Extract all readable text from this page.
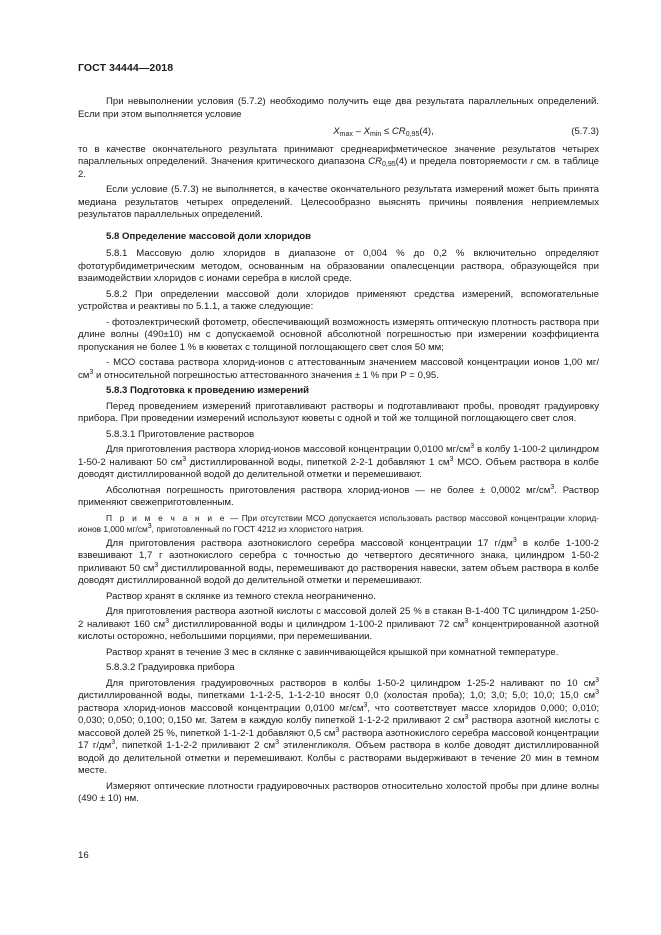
ГОСТ 34444—2018

При невыполнении условия (5.7.2) необходимо получить еще два результата параллельных определений. Если при этом выполняется условие

$X_{max} - X_{min} \le CR_{0,95}(4)$,	(5.7.3)

то в качестве окончательного результата принимают среднеарифметическое значение результатов четырех параллельных определений. Значения критического диапазона $CR_{0,95}(4)$ и предела повторяемости r см. в таблице 2.

Если условие (5.7.3) не выполняется, в качестве окончательного результата измерений может быть принята медиана результатов четырех определений. Целесообразно выяснять причины появления неприемлемых результатов параллельных определений.

5.8 Определение массовой доли хлоридов

5.8.1 Массовую долю хлоридов в диапазоне от 0,004 % до 0,2 % включительно определяют фототурбидиметрическим методом, основанным на образовании опалесценции раствора, образующейся при взаимодействии хлоридов с ионами серебра в кислой среде.

5.8.2 При определении массовой доли хлоридов применяют средства измерений, вспомогательные устройства и реактивы по 5.1.1, а также следующие:

- фотоэлектрический фотометр, обеспечивающий возможность измерять оптическую плотность раствора при длине волны (490±10) нм с допускаемой основной абсолютной погрешностью при измерении коэффициента пропускания не более 1 % в кюветах с толщиной поглощающего свет слоя 50 мм;

- МСО состава раствора хлорид-ионов с аттестованным значением массовой концентрации ионов 1,00 $мг/см^3$ и относительной погрешностью аттестованного значения ± 1 % при P = 0,95.

5.8.3 Подготовка к проведению измерений

Перед проведением измерений приготавливают растворы и подготавливают пробы, проводят градуировку прибора. При проведении измерений используют кюветы с одной и той же толщиной поглощающего свет слоя.

5.8.3.1 Приготовление растворов

Для приготовления раствора хлорид-ионов массовой концентрации 0,0100 $мг/см^3$ в колбу 1-100-2 цилиндром 1-50-2 наливают 50 $см^3$ дистиллированной воды, пипеткой 2-2-1 добавляют 1 $см^3$ МСО. Объем раствора в колбе доводят дистиллированной водой до делительной отметки и перемешивают.

Абсолютная погрешность приготовления раствора хлорид-ионов — не более ± 0,0002 $мг/см^3$. Раствор применяют свежеприготовленным.

П р и м е ч а н и е — При отсутствии МСО допускается использовать раствор массовой концентрации хлорид-ионов 1,000 $мг/см^3$, приготовленный по ГОСТ 4212 из хлористого натрия.

Для приготовления раствора азотнокислого серебра массовой концентрации 17 $г/дм^3$ в колбе 1-100-2 взвешивают 1,7 г азотнокислого серебра с точностью до четвертого десятичного знака, цилиндром 1-50-2 приливают 50 $см^3$ дистиллированной воды, перемешивают до растворения навески, затем объем раствора в колбе доводят дистиллированной водой до делительной отметки и перемешивают.

Раствор хранят в склянке из темного стекла неограниченно.

Для приготовления раствора азотной кислоты с массовой долей 25 % в стакан В-1-400 ТС цилиндром 1-250-2 наливают 160 $см^3$ дистиллированной воды и цилиндром 1-100-2 приливают 72 $см^3$ концентрированной азотной кислоты осторожно, небольшими порциями, при перемешивании.

Раствор хранят в течение 3 мес в склянке с завинчивающейся крышкой при комнатной температуре.

5.8.3.2 Градуировка прибора

Для приготовления градуировочных растворов в колбы 1-50-2 цилиндром 1-25-2 наливают по 10 $см^3$ дистиллированной воды, пипетками 1-1-2-5, 1-1-2-10 вносят 0,0 (холостая проба); 1,0; 3,0; 5,0; 10,0; 15,0 $см^3$ раствора хлорид-ионов массовой концентрации 0,0100 $мг/см^3$, что соответствует массе хлоридов 0,000; 0,010; 0,030; 0,050; 0,100; 0,150 мг. Затем в каждую колбу пипеткой 1-1-2-2 приливают 2 $см^3$ раствора азотной кислоты с массовой долей 25 %, пипеткой 1-1-2-1 добавляют 0,5 $см^3$ раствора азотнокислого серебра массовой концентрации 17 $г/дм^3$, пипеткой 1-1-2-2 приливают 2 $см^3$ этиленгликоля. Объем раствора в колбе доводят дистиллированной водой до делительной отметки и перемешивают. Колбы с растворами выдерживают в течение 20 мин в темном месте.

Измеряют оптические плотности градуировочных растворов относительно холостой пробы при длине волны (490 ± 10) нм.

16
